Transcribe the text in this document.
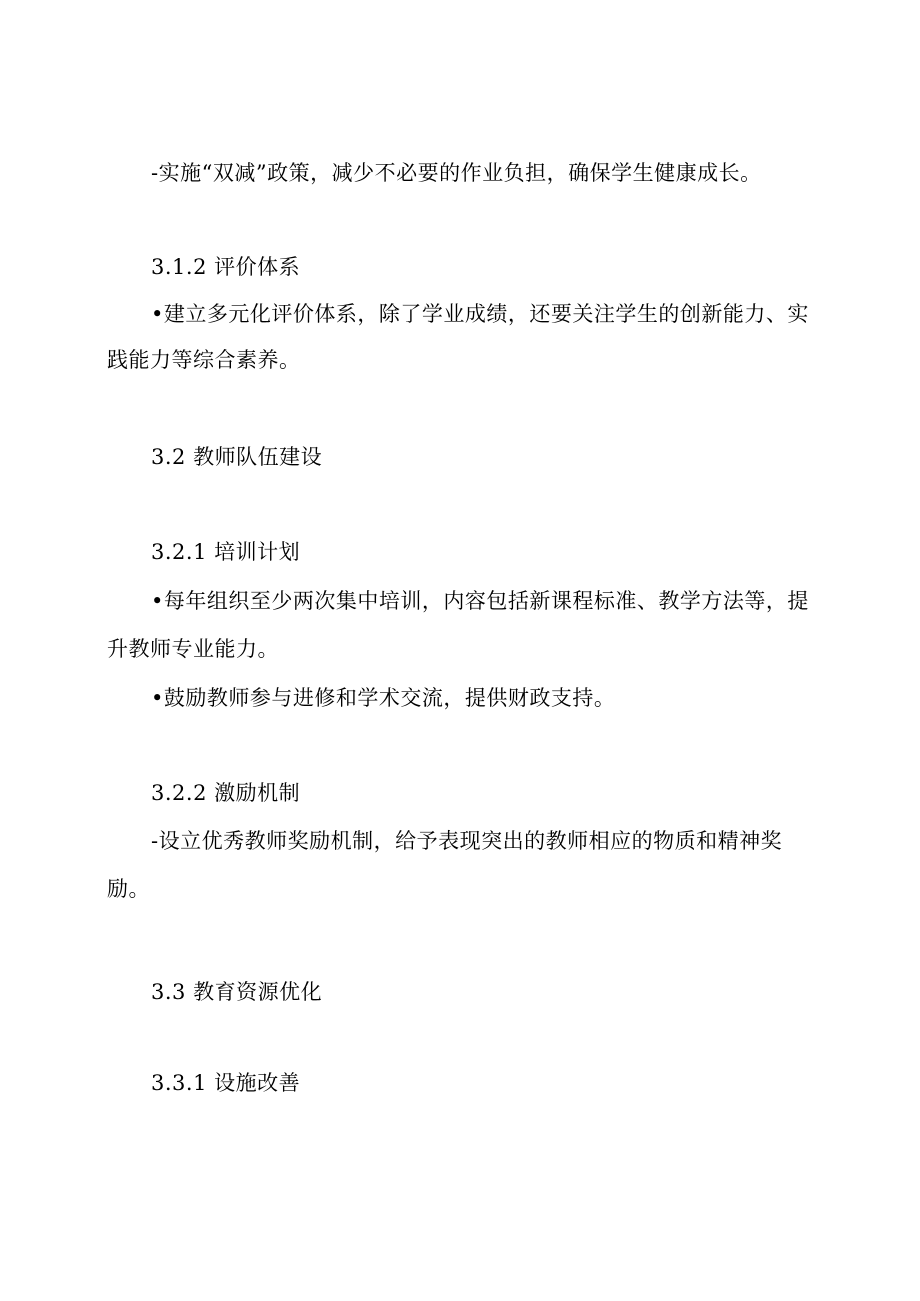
-实施“双减”政策，减少不必要的作业负担，确保学生健康成长。
3.1.2 评价体系
•建立多元化评价体系，除了学业成绩，还要关注学生的创新能力、实
践能力等综合素养。
3.2 教师队伍建设
3.2.1 培训计划
•每年组织至少两次集中培训，内容包括新课程标准、教学方法等，提
升教师专业能力。
•鼓励教师参与进修和学术交流，提供财政支持。
3.2.2 激励机制
-设立优秀教师奖励机制，给予表现突出的教师相应的物质和精神奖
励。
3.3 教育资源优化
3.3.1 设施改善
